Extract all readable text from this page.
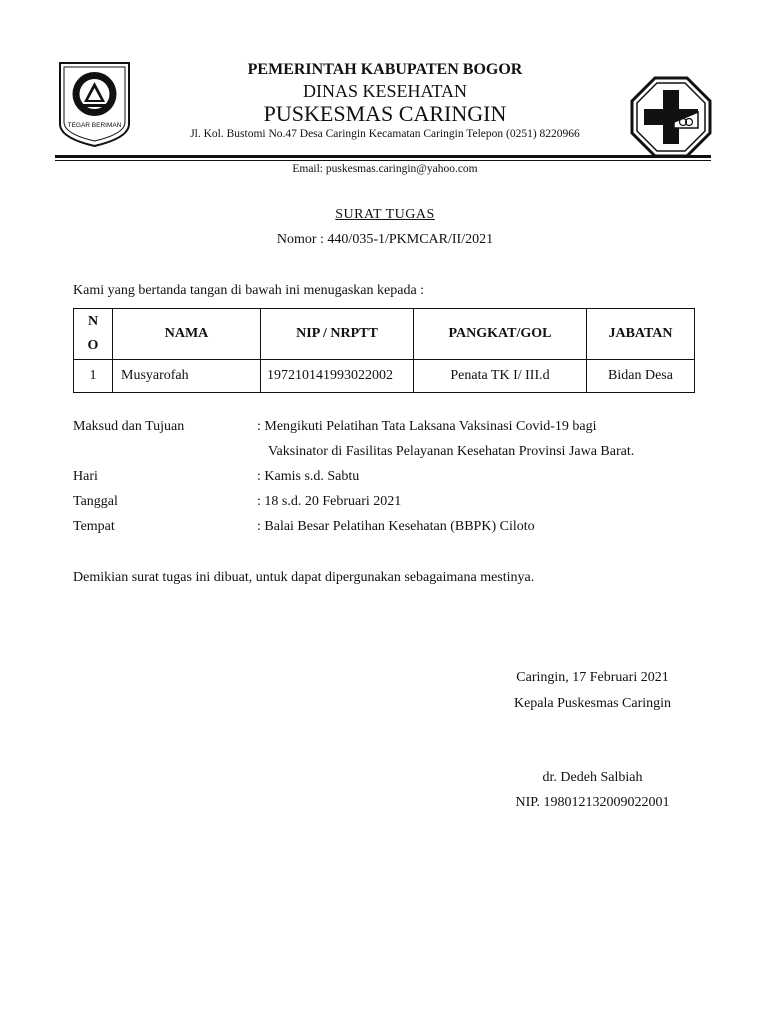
TEGAR BERIMAN
PEMERINTAH KABUPATEN BOGOR
DINAS KESEHATAN
PUSKESMAS CARINGIN
Jl. Kol. Bustomi No.47 Desa Caringin Kecamatan Caringin Telepon (0251) 8220966
Email: puskesmas.caringin@yahoo.com
SURAT TUGAS
Nomor : 440/035-1/PKMCAR/II/2021
Kami yang bertanda tangan di bawah ini menugaskan kepada :
N
O	NAMA	NIP / NRPTT	PANGKAT/GOL	JABATAN
1	Musyarofah	197210141993022002	Penata TK I/ III.d	Bidan Desa
Maksud dan Tujuan	: Mengikuti Pelatihan Tata Laksana Vaksinasi Covid-19 bagi
Vaksinator di Fasilitas Pelayanan Kesehatan Provinsi Jawa Barat.
Hari	: Kamis s.d. Sabtu
Tanggal	: 18 s.d. 20 Februari 2021
Tempat	: Balai Besar Pelatihan Kesehatan (BBPK) Ciloto
Demikian surat tugas ini dibuat, untuk dapat dipergunakan sebagaimana mestinya.
Caringin, 17 Februari 2021
Kepala Puskesmas Caringin
dr. Dedeh Salbiah
NIP. 198012132009022001
